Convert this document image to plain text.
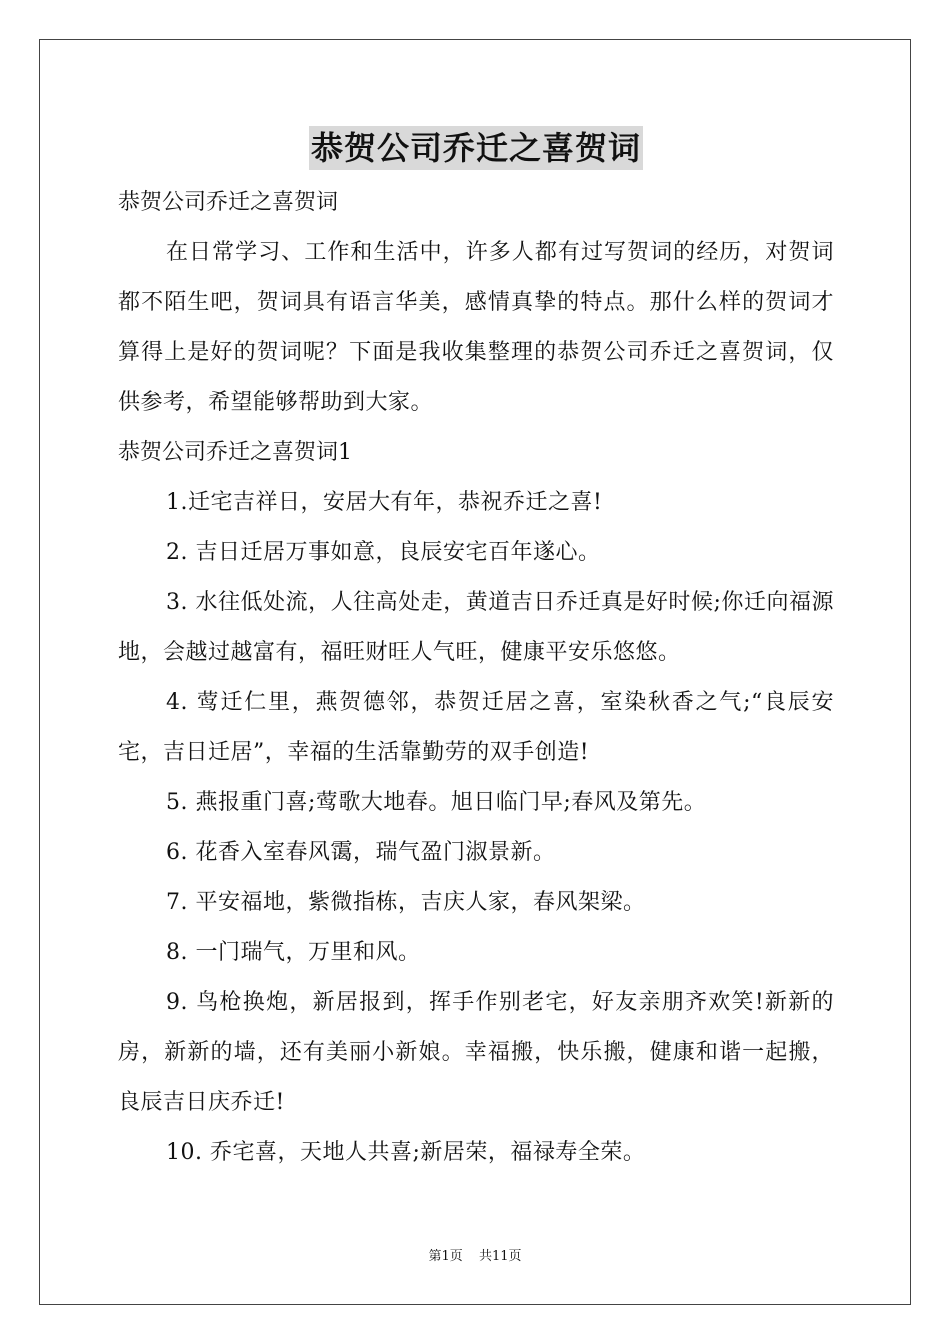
恭贺公司乔迁之喜贺词

恭贺公司乔迁之喜贺词

在日常学习、工作和生活中，许多人都有过写贺词的经历，对贺词都不陌生吧，贺词具有语言华美，感情真挚的特点。那什么样的贺词才算得上是好的贺词呢？下面是我收集整理的恭贺公司乔迁之喜贺词，仅供参考，希望能够帮助到大家。

恭贺公司乔迁之喜贺词1

1.迁宅吉祥日，安居大有年，恭祝乔迁之喜!

2. 吉日迁居万事如意，良辰安宅百年遂心。

3. 水往低处流，人往高处走，黄道吉日乔迁真是好时候;你迁向福源地，会越过越富有，福旺财旺人气旺，健康平安乐悠悠。

4. 莺迁仁里，燕贺德邻，恭贺迁居之喜，室染秋香之气;“良辰安宅，吉日迁居”，幸福的生活靠勤劳的双手创造!

5. 燕报重门喜;莺歌大地春。旭日临门早;春风及第先。

6. 花香入室春风霭，瑞气盈门淑景新。

7. 平安福地，紫微指栋，吉庆人家，春风架梁。

8. 一门瑞气，万里和风。

9. 鸟枪换炮，新居报到，挥手作别老宅，好友亲朋齐欢笑!新新的房，新新的墙，还有美丽小新娘。幸福搬，快乐搬，健康和谐一起搬，良辰吉日庆乔迁!

10. 乔宅喜，天地人共喜;新居荣，福禄寿全荣。

第1页 共11页
